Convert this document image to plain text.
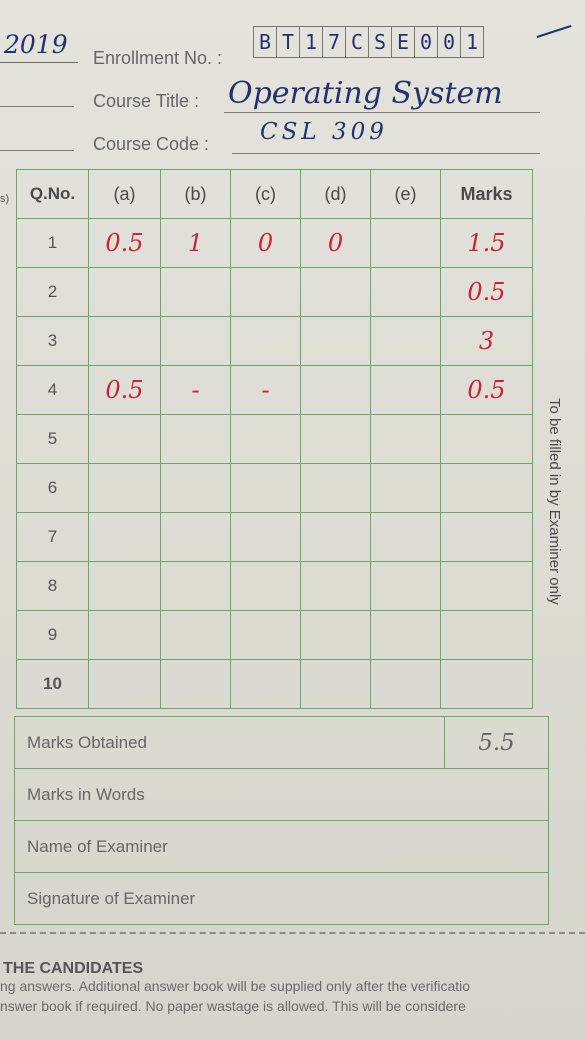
2019
s)
Enrollment No. :
B T 1 7 C S E 0 0 1
Course Title : Operating System
Course Code : CSL 309
Q.No.	(a)	(b)	(c)	(d)	(e)	Marks
1	0.5	1	0	0		1.5
2						0.5
3						3
4	0.5	-	-			0.5
5						
6						
7						
8						
9						
10						
Marks Obtained	5.5
Marks in Words
Name of Examiner
Signature of Examiner
To be filled in by Examiner only
THE CANDIDATES
ng answers. Additional answer book will be supplied only after the verificatio
nswer book if required. No paper wastage is allowed. This will be considere
